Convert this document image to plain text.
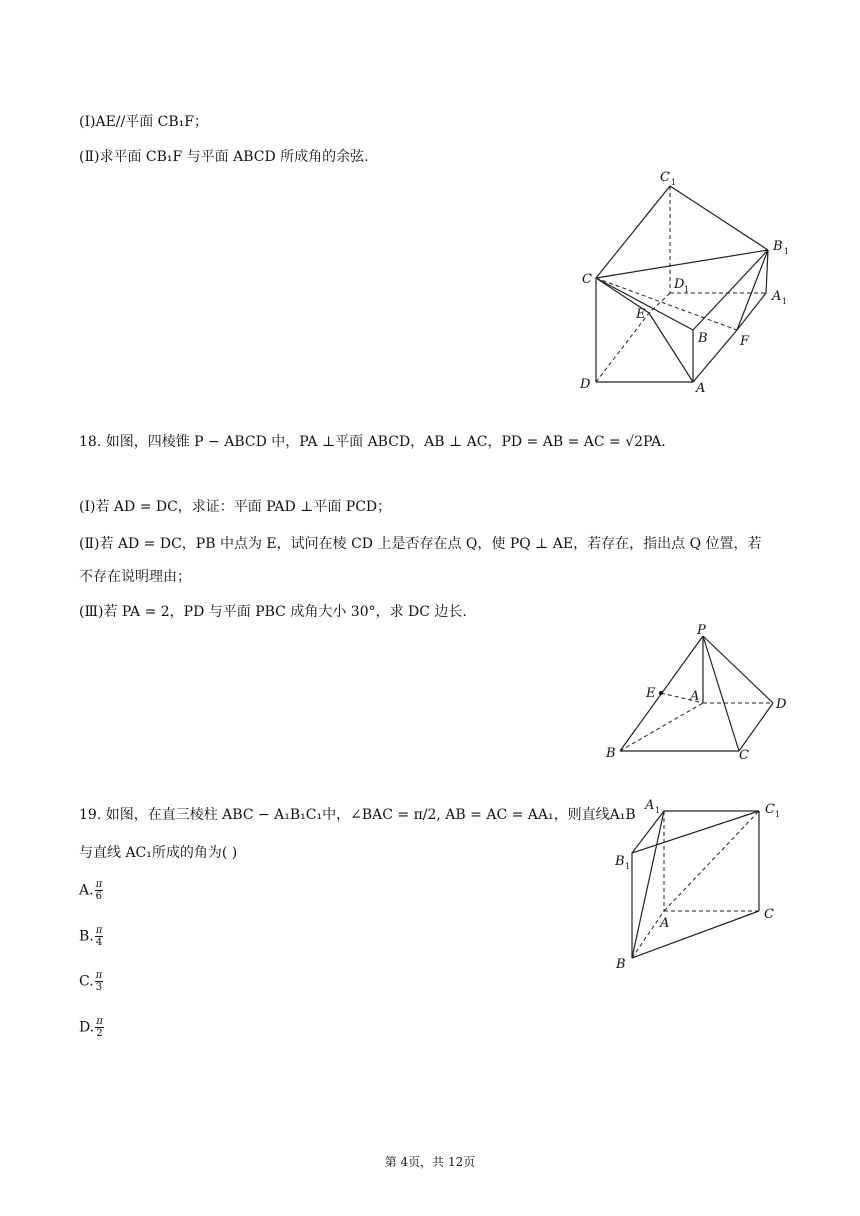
(Ⅰ)AE//平面 CB₁F；
(Ⅱ)求平面 CB₁F 与平面 ABCD 所成角的余弦.
C 1
B 1
C	D 1	A 1
E
B F
D	A
18. 如图，四棱锥 P − ABCD 中，PA ⊥平面 ABCD，AB ⊥ AC，PD = AB = AC = √2PA.
(Ⅰ)若 AD = DC，求证：平面 PAD ⊥平面 PCD；
(Ⅱ)若 AD = DC，PB 中点为 E，试问在棱 CD 上是否存在点 Q，使 PQ ⊥ AE，若存在，指出点 Q 位置，若
不存在说明理由；
(Ⅲ)若 PA = 2，PD 与平面 PBC 成角大小 30°，求 DC 边长.
P
E	A
D
B	C
19. 如图，在直三棱柱 ABC − A₁B₁C₁中，∠BAC = π/2, AB = AC = AA₁，则直线A₁B
与直线 AC₁所成的角为( )
A. $\frac{\pi}{6}$
B. $\frac{\pi}{4}$
C. $\frac{\pi}{3}$
D. $\frac{\pi}{2}$
A 1	C 1
B 1
A
C
B
第 4页，共 12页
